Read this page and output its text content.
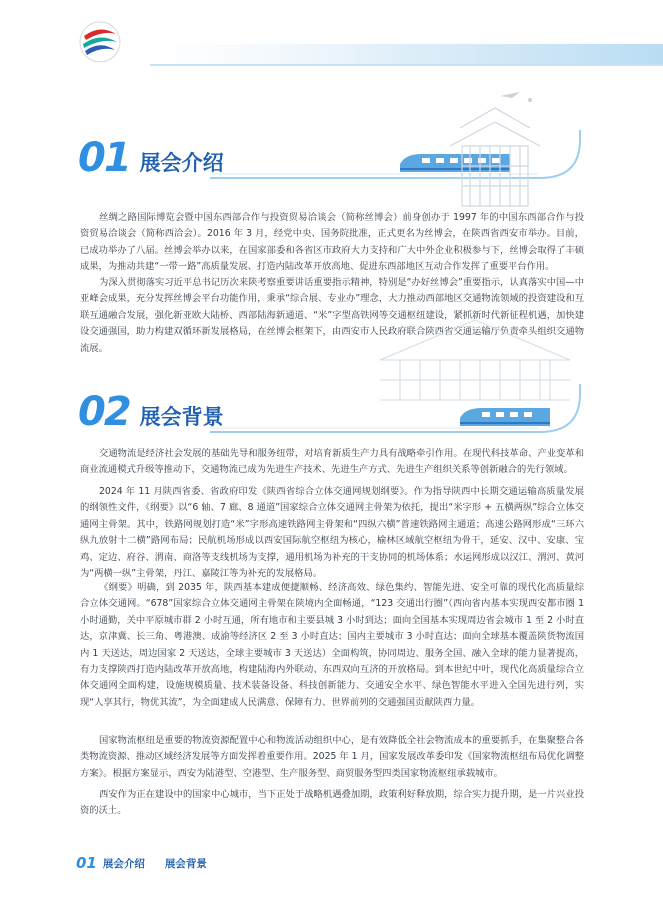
01 展会介绍

丝绸之路国际博览会暨中国东西部合作与投资贸易洽谈会（简称丝博会）前身创办于 1997 年的中国东西部合作与投资贸易洽谈会（简称西洽会）。2016 年 3 月，经党中央、国务院批准，正式更名为丝博会，在陕西省西安市举办。目前，已成功举办了八届。丝博会举办以来，在国家部委和各省区市政府大力支持和广大中外企业积极参与下，丝博会取得了丰硕成果，为推动共建“一带一路”高质量发展、打造内陆改革开放高地、促进东西部地区互动合作发挥了重要平台作用。

为深入贯彻落实习近平总书记历次来陕考察重要讲话重要指示精神，特别是“办好丝博会”重要指示，认真落实中国—中亚峰会成果，充分发挥丝博会平台功能作用，秉承“综合展、专业办”理念，大力推动西部地区交通物流领域的投资建设和互联互通融合发展，强化新亚欧大陆桥、西部陆海新通道、“米”字型高铁网等交通枢纽建设，紧抓新时代新征程机遇，加快建设交通强国，助力构建双循环新发展格局，在丝博会框架下，由西安市人民政府联合陕西省交通运输厅负责牵头组织交通物流展。

02 展会背景

交通物流是经济社会发展的基础先导和服务纽带，对培育新质生产力具有战略牵引作用。在现代科技革命、产业变革和商业流通模式升级等推动下，交通物流已成为先进生产技术、先进生产方式、先进生产组织关系等创新融合的先行领域。

2024 年 11 月陕西省委、省政府印发《陕西省综合立体交通网规划纲要》。作为指导陕西中长期交通运输高质量发展的纲领性文件，《纲要》以“6 轴、7 廊、8 通道”国家综合立体交通网主骨架为依托，提出“米字形 + 五横两纵”综合立体交通网主骨架。其中，铁路网规划打造“米”字形高速铁路网主骨架和“四纵六横”普速铁路网主通道；高速公路网形成“三环六纵九放射十二横”路网布局；民航机场形成以西安国际航空枢纽为核心，榆林区域航空枢纽为骨干，延安、汉中、安康、宝鸡、定边、府谷、渭南、商洛等支线机场为支撑，通用机场为补充的干支协同的机场体系；水运网形成以汉江、渭河、黄河为“两横一纵”主骨架，丹江、嘉陵江等为补充的发展格局。

《纲要》明确，到 2035 年，陕西基本建成便捷顺畅、经济高效、绿色集约、智能先进、安全可靠的现代化高质量综合立体交通网。“678”国家综合立体交通网主骨架在陕境内全面畅通，“123 交通出行圈”（西向省内基本实现西安都市圈 1 小时通勤，关中平原城市群 2 小时互通，所有地市和主要县城 3 小时到达；面向全国基本实现周边省会城市 1 至 2 小时直达，京津冀、长三角、粤港澳、成渝等经济区 2 至 3 小时直达；国内主要城市 3 小时直达；面向全球基本覆盖陕货物流国内 1 天送达，周边国家 2 天送达，全球主要城市 3 天送达）全面构筑，协同周边、服务全国、融入全球的能力显著提高，有力支撑陕西打造内陆改革开放高地，构建陆海内外联动、东西双向互济的开放格局。到本世纪中叶，现代化高质量综合立体交通网全面构建，设施规模质量、技术装备设备、科技创新能力、交通安全水平、绿色智能水平进入全国先进行列，实现“人享其行，物优其流”，为全面建成人民满意、保障有力、世界前列的交通强国贡献陕西力量。

国家物流枢纽是重要的物流资源配置中心和物流活动组织中心，是有效降低全社会物流成本的重要抓手，在集聚整合各类物流资源、推动区域经济发展等方面发挥着重要作用。2025 年 1 月，国家发展改革委印发《国家物流枢纽布局优化调整方案》。根据方案显示，西安为陆港型、空港型、生产服务型、商贸服务型四类国家物流枢纽承载城市。

西安作为正在建设中的国家中心城市，当下正处于战略机遇叠加期，政策利好释放期，综合实力提升期，是一片兴业投资的沃土。

01 展会介绍 展会背景
